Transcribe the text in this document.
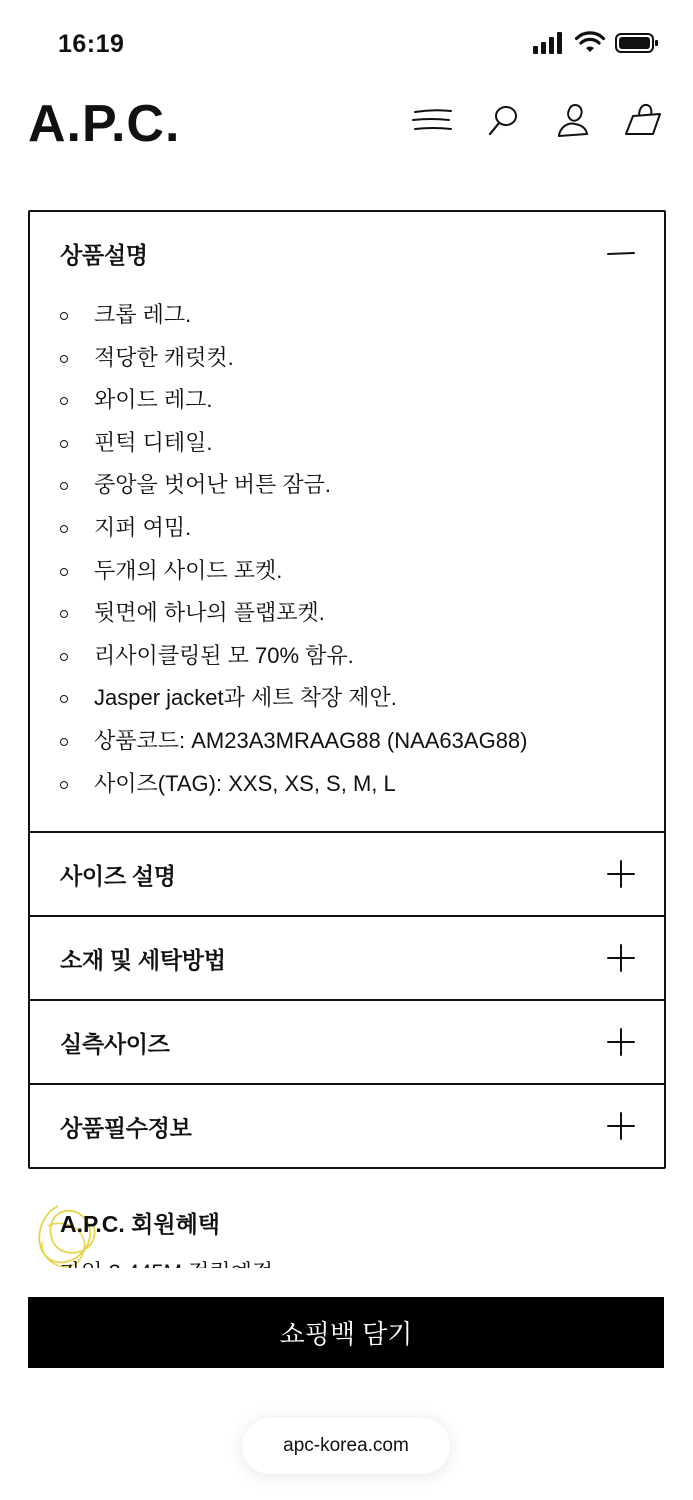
16:19
A.P.C.
상품설명
크롭 레그.
적당한 캐럿컷.
와이드 레그.
핀턱 디테일.
중앙을 벗어난 버튼 잠금.
지퍼 여밈.
두개의 사이드 포켓.
뒷면에 하나의 플랩포켓.
리사이클링된 모 70% 함유.
Jasper jacket과 세트 착장 제안.
상품코드: AM23A3MRAAG88 (NAA63AG88)
사이즈(TAG): XXS, XS, S, M, L
사이즈 설명
소재 및 세탁방법
실측사이즈
상품필수정보
A.P.C. 회원혜택
쇼핑백 담기
apc-korea.com
